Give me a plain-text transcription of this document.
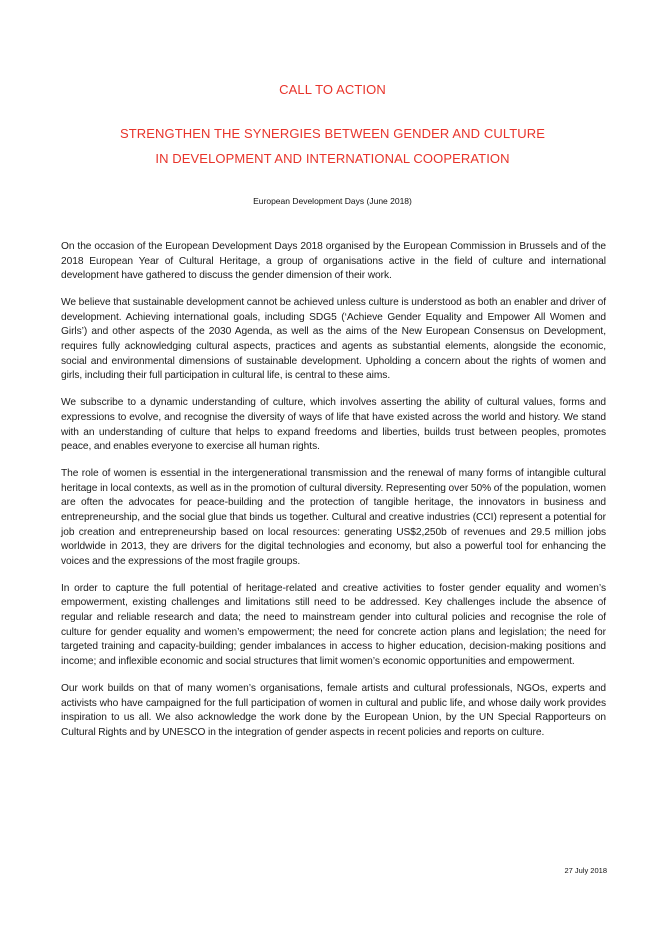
CALL TO ACTION
STRENGTHEN THE SYNERGIES BETWEEN GENDER AND CULTURE
IN DEVELOPMENT AND INTERNATIONAL COOPERATION
European Development Days (June 2018)

On the occasion of the European Development Days 2018 organised by the European Commission in Brussels and of the 2018 European Year of Cultural Heritage, a group of organisations active in the field of culture and international development have gathered to discuss the gender dimension of their work.

We believe that sustainable development cannot be achieved unless culture is understood as both an enabler and driver of development. Achieving international goals, including SDG5 (‘Achieve Gender Equality and Empower All Women and Girls’) and other aspects of the 2030 Agenda, as well as the aims of the New European Consensus on Development, requires fully acknowledging cultural aspects, practices and agents as substantial elements, alongside the economic, social and environmental dimensions of sustainable development. Upholding a concern about the rights of women and girls, including their full participation in cultural life, is central to these aims.

We subscribe to a dynamic understanding of culture, which involves asserting the ability of cultural values, forms and expressions to evolve, and recognise the diversity of ways of life that have existed across the world and history. We stand with an understanding of culture that helps to expand freedoms and liberties, builds trust between peoples, promotes peace, and enables everyone to exercise all human rights.

The role of women is essential in the intergenerational transmission and the renewal of many forms of intangible cultural heritage in local contexts, as well as in the promotion of cultural diversity. Representing over 50% of the population, women are often the advocates for peace-building and the protection of tangible heritage, the innovators in business and entrepreneurship, and the social glue that binds us together. Cultural and creative industries (CCI) represent a potential for job creation and entrepreneurship based on local resources: generating US$2,250b of revenues and 29.5 million jobs worldwide in 2013, they are drivers for the digital technologies and economy, but also a powerful tool for enhancing the voices and the expressions of the most fragile groups.

In order to capture the full potential of heritage-related and creative activities to foster gender equality and women’s empowerment, existing challenges and limitations still need to be addressed. Key challenges include the absence of regular and reliable research and data; the need to mainstream gender into cultural policies and recognise the role of culture for gender equality and women’s empowerment; the need for concrete action plans and legislation; the need for targeted training and capacity-building; gender imbalances in access to higher education, decision-making positions and income; and inflexible economic and social structures that limit women’s economic opportunities and empowerment.

Our work builds on that of many women’s organisations, female artists and cultural professionals, NGOs, experts and activists who have campaigned for the full participation of women in cultural and public life, and whose daily work provides inspiration to us all. We also acknowledge the work done by the European Union, by the UN Special Rapporteurs on Cultural Rights and by UNESCO in the integration of gender aspects in recent policies and reports on culture.

27 July 2018
